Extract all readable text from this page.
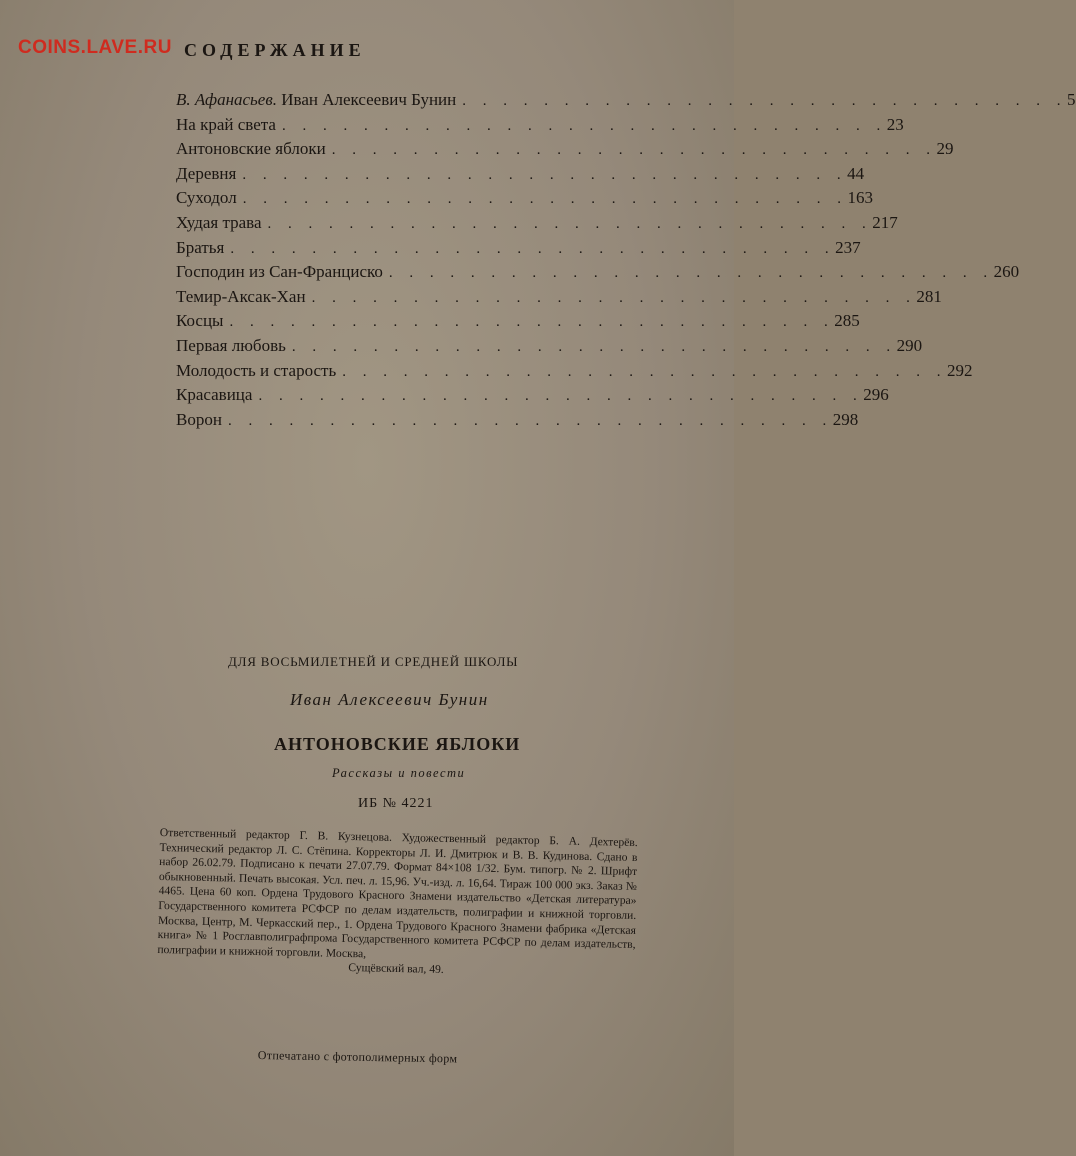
COINS.LAVE.RU СОДЕРЖАНИЕ
В. Афанасьев. Иван Алексеевич Бунин . . . . . . . . . . . . . . . . . . . . . . . . . . . . . . 5
На край света . . . . . . . . . . . . . . . . . . . . . . . . . . . . . . 23
Антоновские яблоки . . . . . . . . . . . . . . . . . . . . . . . . . . . . . . 29
Деревня . . . . . . . . . . . . . . . . . . . . . . . . . . . . . . 44
Суходол . . . . . . . . . . . . . . . . . . . . . . . . . . . . . . 163
Худая трава . . . . . . . . . . . . . . . . . . . . . . . . . . . . . . 217
Братья . . . . . . . . . . . . . . . . . . . . . . . . . . . . . . 237
Господин из Сан-Франциско . . . . . . . . . . . . . . . . . . . . . . . . . . . . . . 260
Темир-Аксак-Хан . . . . . . . . . . . . . . . . . . . . . . . . . . . . . . 281
Косцы . . . . . . . . . . . . . . . . . . . . . . . . . . . . . . 285
Первая любовь . . . . . . . . . . . . . . . . . . . . . . . . . . . . . . 290
Молодость и старость . . . . . . . . . . . . . . . . . . . . . . . . . . . . . . 292
Красавица . . . . . . . . . . . . . . . . . . . . . . . . . . . . . . 296
Ворон . . . . . . . . . . . . . . . . . . . . . . . . . . . . . . 298
ДЛЯ ВОСЬМИЛЕТНЕЙ И СРЕДНЕЙ ШКОЛЫ
Иван Алексеевич Бунин
АНТОНОВСКИЕ ЯБЛОКИ
Рассказы и повести
ИБ № 4221
Ответственный редактор Г. В. Кузнецова. Художественный редактор Б. А. Дехтерёв. Технический редактор Л. С. Стёпина. Корректоры Л. И. Дмитрюк и В. В. Кудинова. Сдано в набор 26.02.79. Подписано к печати 27.07.79. Формат 84×108 1/32. Бум. типогр. № 2. Шрифт обыкновенный. Печать высокая. Усл. печ. л. 15,96. Уч.-изд. л. 16,64. Тираж 100 000 экз. Заказ № 4465. Цена 60 коп. Ордена Трудового Красного Знамени издательство «Детская литература» Государственного комитета РСФСР по делам издательств, полиграфии и книжной торговли. Москва, Центр, М. Черкасский пер., 1. Ордена Трудового Красного Знамени фабрика «Детская книга» № 1 Росглавполиграфпрома Государственного комитета РСФСР по делам издательств, полиграфии и книжной торговли. Москва,
Сущёвский вал, 49.
Отпечатано с фотополимерных форм
